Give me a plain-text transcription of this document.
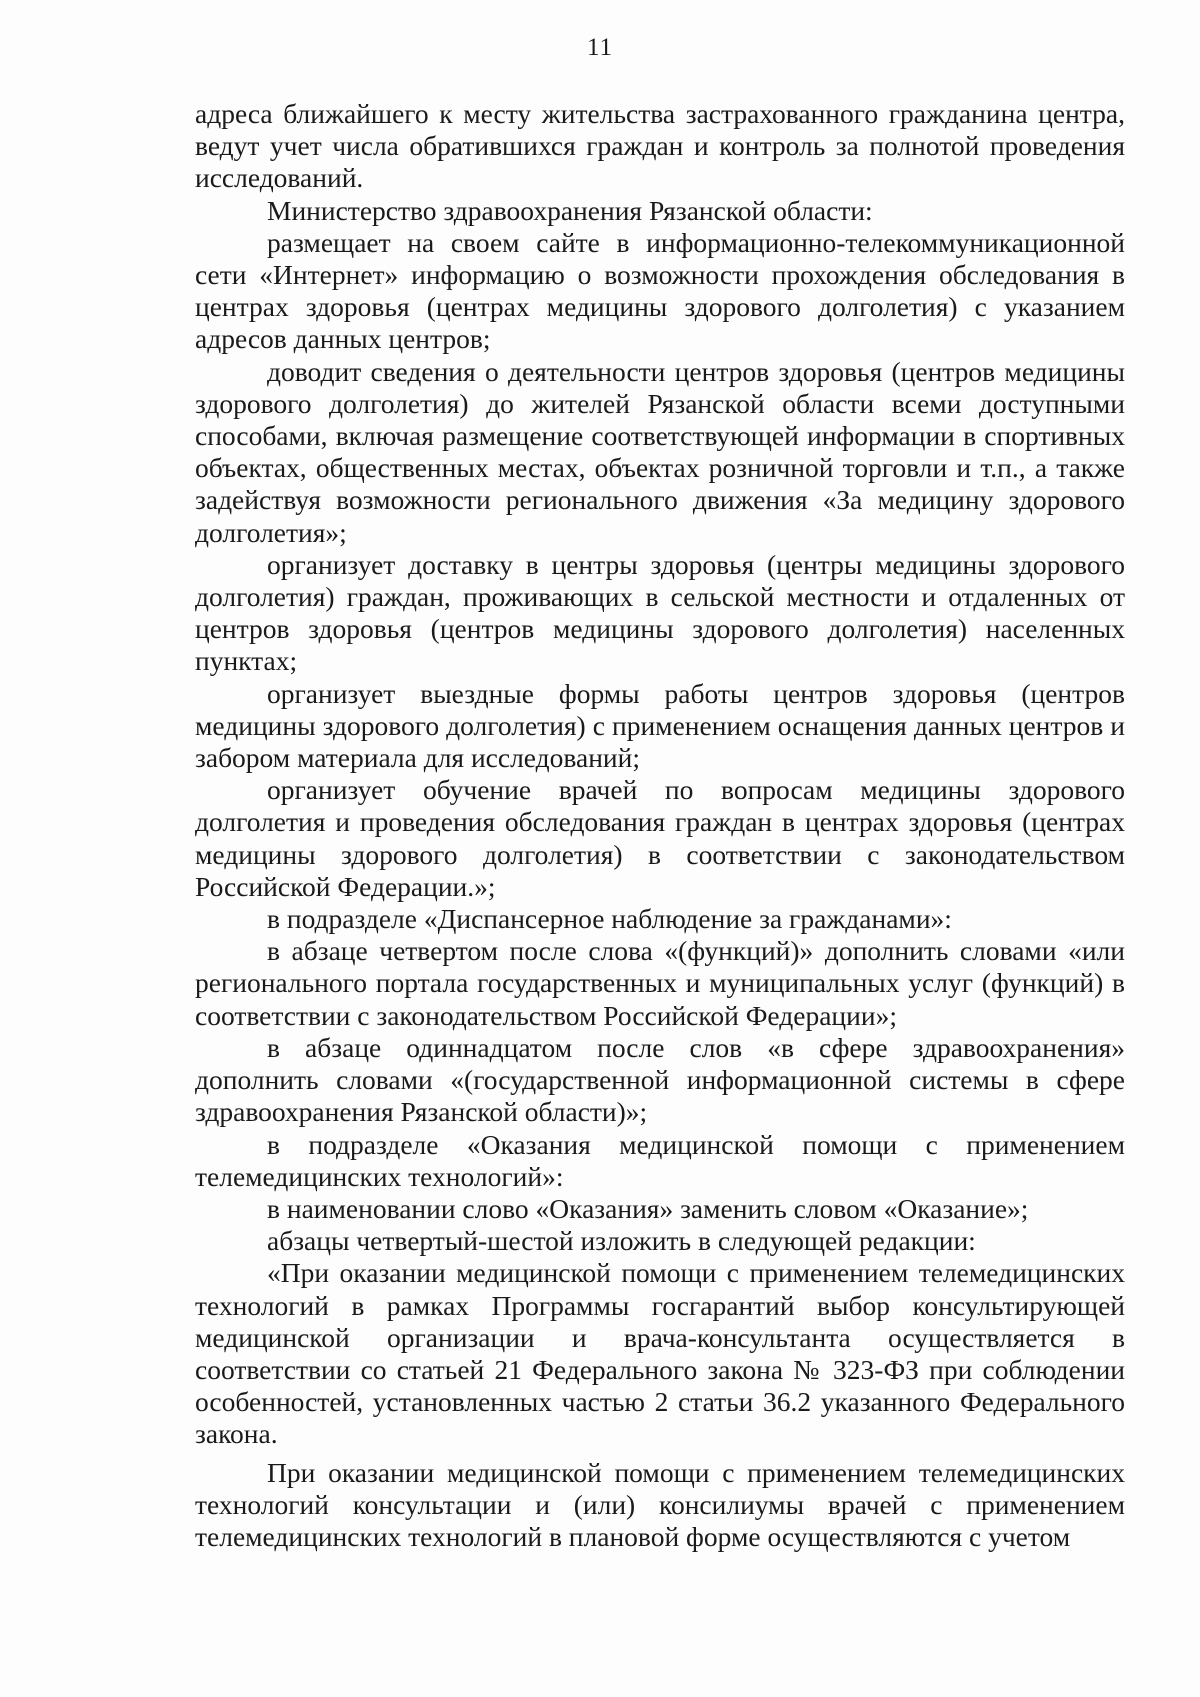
11

адреса ближайшего к месту жительства застрахованного гражданина центра, ведут учет числа обратившихся граждан и контроль за полнотой проведения исследований.

Министерство здравоохранения Рязанской области:

размещает на своем сайте в информационно-телекоммуникационной сети «Интернет» информацию о возможности прохождения обследования в центрах здоровья (центрах медицины здорового долголетия) с указанием адресов данных центров;

доводит сведения о деятельности центров здоровья (центров медицины здорового долголетия) до жителей Рязанской области всеми доступными способами, включая размещение соответствующей информации в спортивных объектах, общественных местах, объектах розничной торговли и т.п., а также задействуя возможности регионального движения «За медицину здорового долголетия»;

организует доставку в центры здоровья (центры медицины здорового долголетия) граждан, проживающих в сельской местности и отдаленных от центров здоровья (центров медицины здорового долголетия) населенных пунктах;

организует выездные формы работы центров здоровья (центров медицины здорового долголетия) с применением оснащения данных центров и забором материала для исследований;

организует обучение врачей по вопросам медицины здорового долголетия и проведения обследования граждан в центрах здоровья (центрах медицины здорового долголетия) в соответствии с законодательством Российской Федерации.»;

в подразделе «Диспансерное наблюдение за гражданами»:

в абзаце четвертом после слова «(функций)» дополнить словами «или регионального портала государственных и муниципальных услуг (функций) в соответствии с законодательством Российской Федерации»;

в абзаце одиннадцатом после слов «в сфере здравоохранения» дополнить словами «(государственной информационной системы в сфере здравоохранения Рязанской области)»;

в подразделе «Оказания медицинской помощи с применением телемедицинских технологий»:

в наименовании слово «Оказания» заменить словом «Оказание»;

абзацы четвертый-шестой изложить в следующей редакции:

«При оказании медицинской помощи с применением телемедицинских технологий в рамках Программы госгарантий выбор консультирующей медицинской организации и врача-консультанта осуществляется в соответствии со статьей 21 Федерального закона № 323-ФЗ при соблюдении особенностей, установленных частью 2 статьи 36.2 указанного Федерального закона.

При оказании медицинской помощи с применением телемедицинских технологий консультации и (или) консилиумы врачей с применением телемедицинских технологий в плановой форме осуществляются с учетом
